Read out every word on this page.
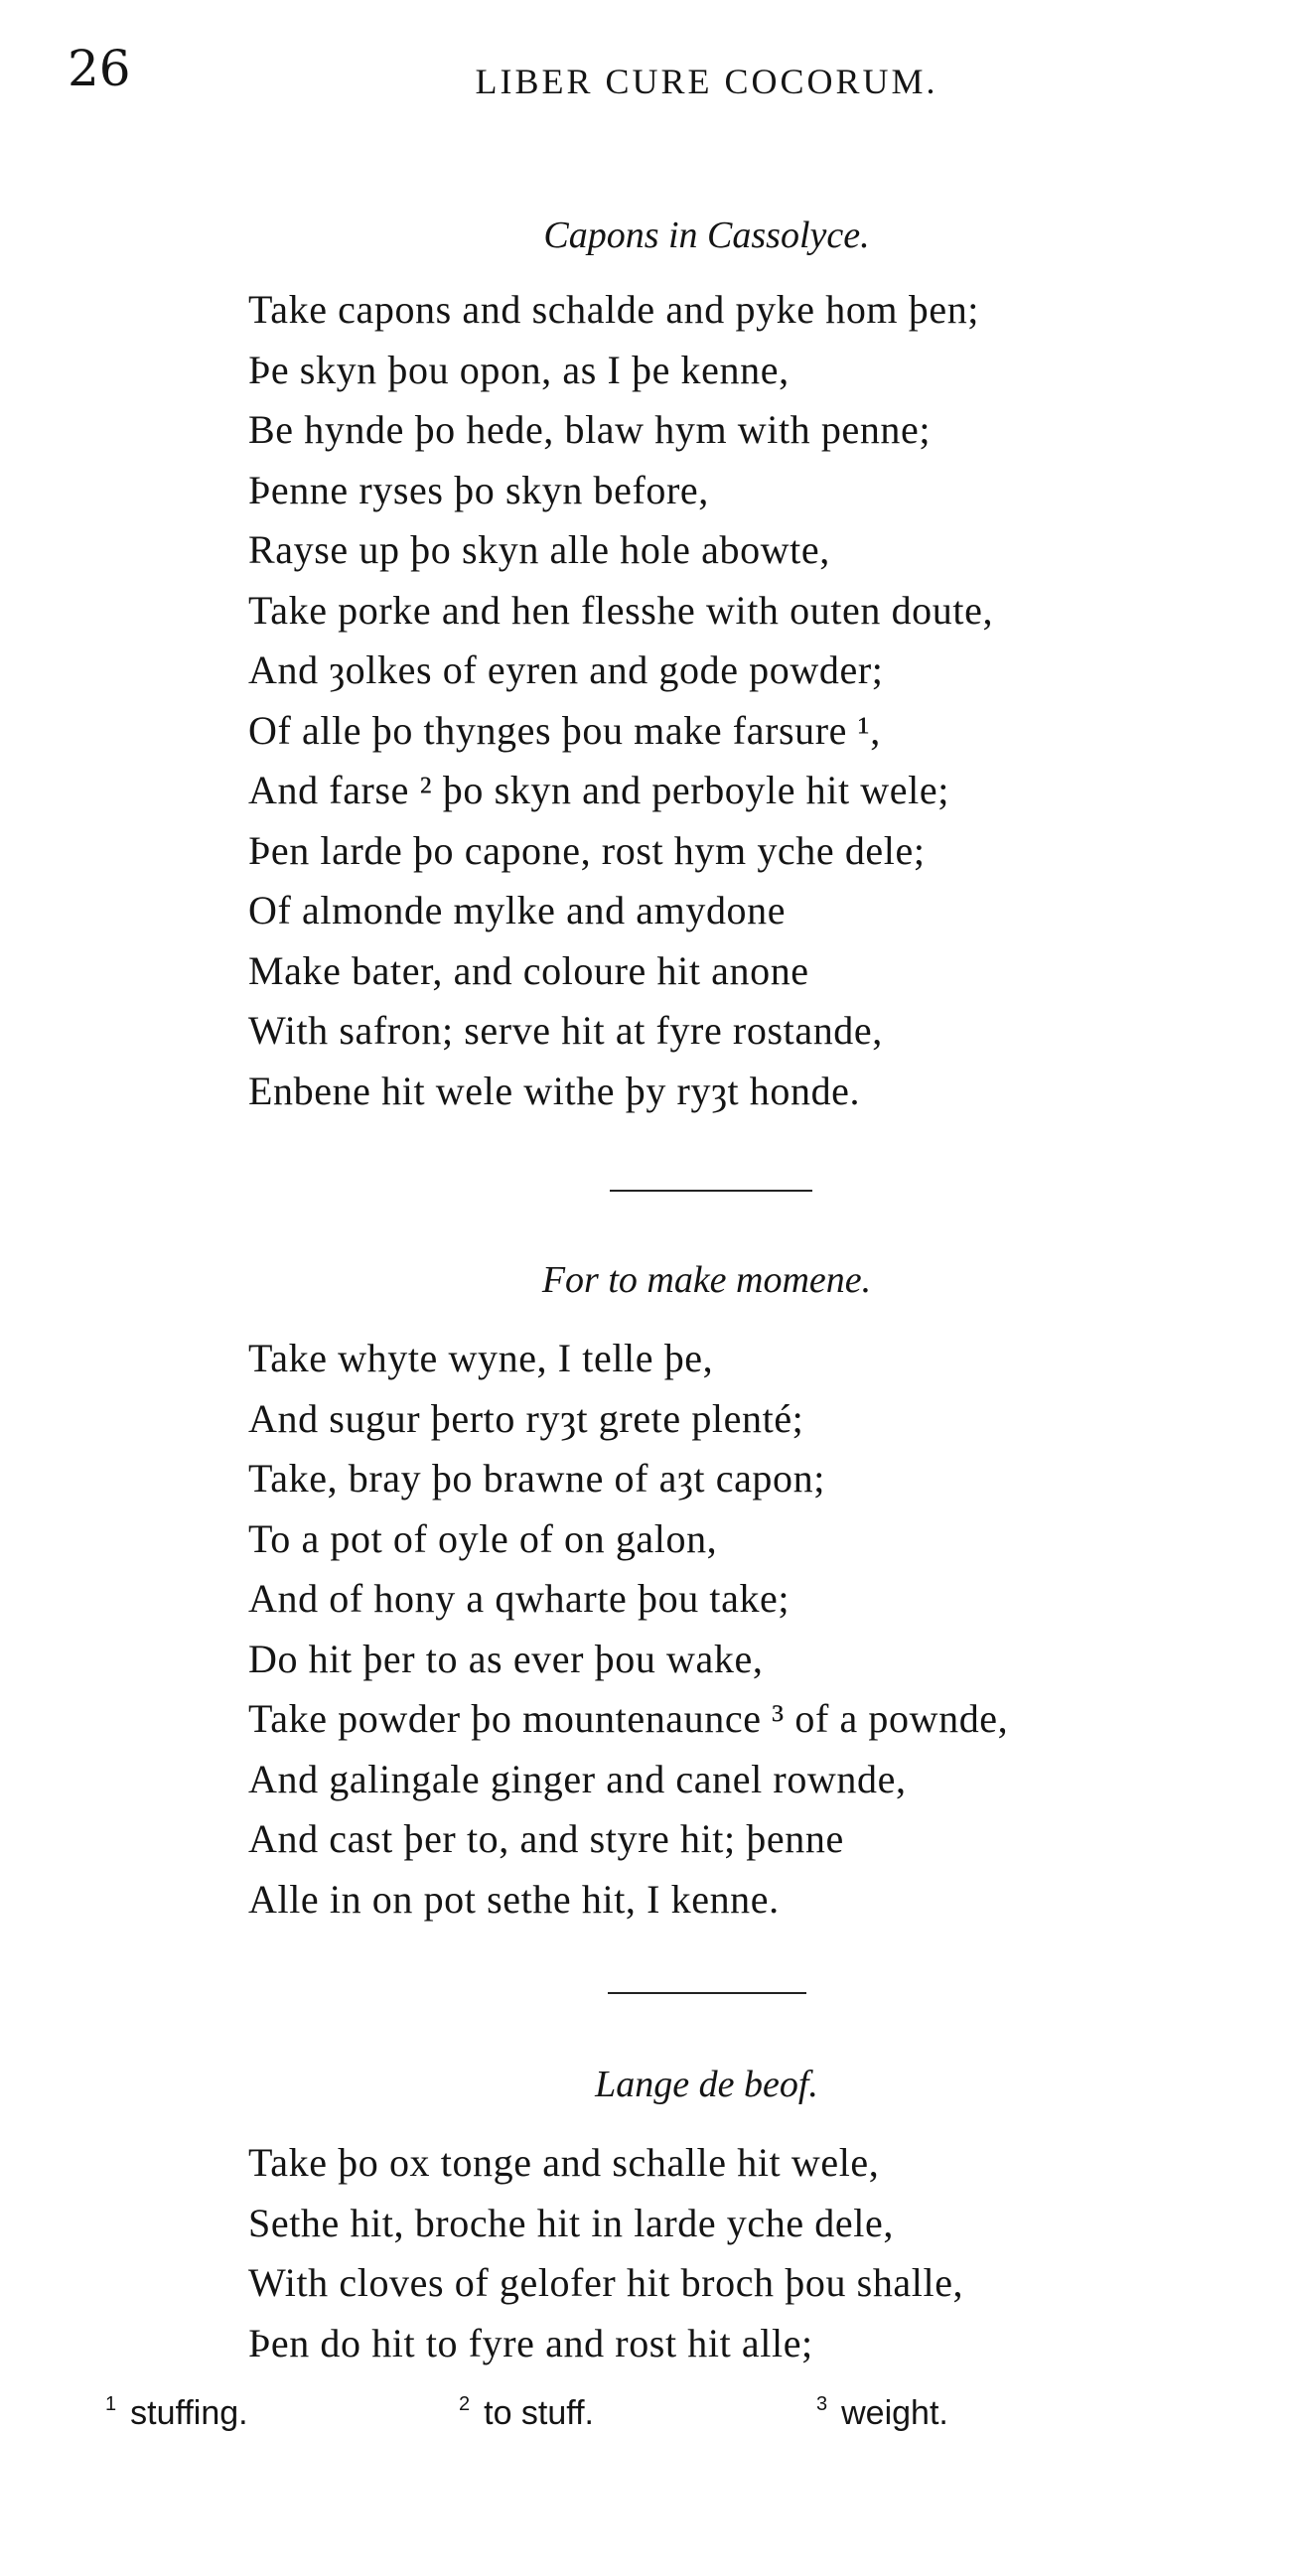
26	LIBER CURE COCORUM.
Capons in Cassolyce.
Take capons and schalde and pyke hom þen;
Þe skyn þou opon, as I þe kenne,
Be hynde þo hede, blaw hym with penne;
Þenne ryses þo skyn before,
Rayse up þo skyn alle hole abowte,
Take porke and hen flesshe with outen doute,
And ȝolkes of eyren and gode powder;
Of alle þo thynges þou make farsure ¹,
And farse ² þo skyn and perboyle hit wele;
Þen larde þo capone, rost hym yche dele;
Of almonde mylke and amydone
Make bater, and coloure hit anone
With safron; serve hit at fyre rostande,
Enbene hit wele withe þy ryȝt honde.
For to make momene.
Take whyte wyne, I telle þe,
And sugur þerto ryȝt grete plenté;
Take, bray þo brawne of aȝt capon;
To a pot of oyle of on galon,
And of hony a qwharte þou take;
Do hit þer to as ever þou wake,
Take powder þo mountenaunce ³ of a pownde,
And galingale ginger and canel rownde,
And cast þer to, and styre hit; þenne
Alle in on pot sethe hit, I kenne.
Lange de beof.
Take þo ox tonge and schalle hit wele,
Sethe hit, broche hit in larde yche dele,
With cloves of gelofer hit broch þou shalle,
Þen do hit to fyre and rost hit alle;
$^1$ stuffing.	$^2$ to stuff.	$^3$ weight.
